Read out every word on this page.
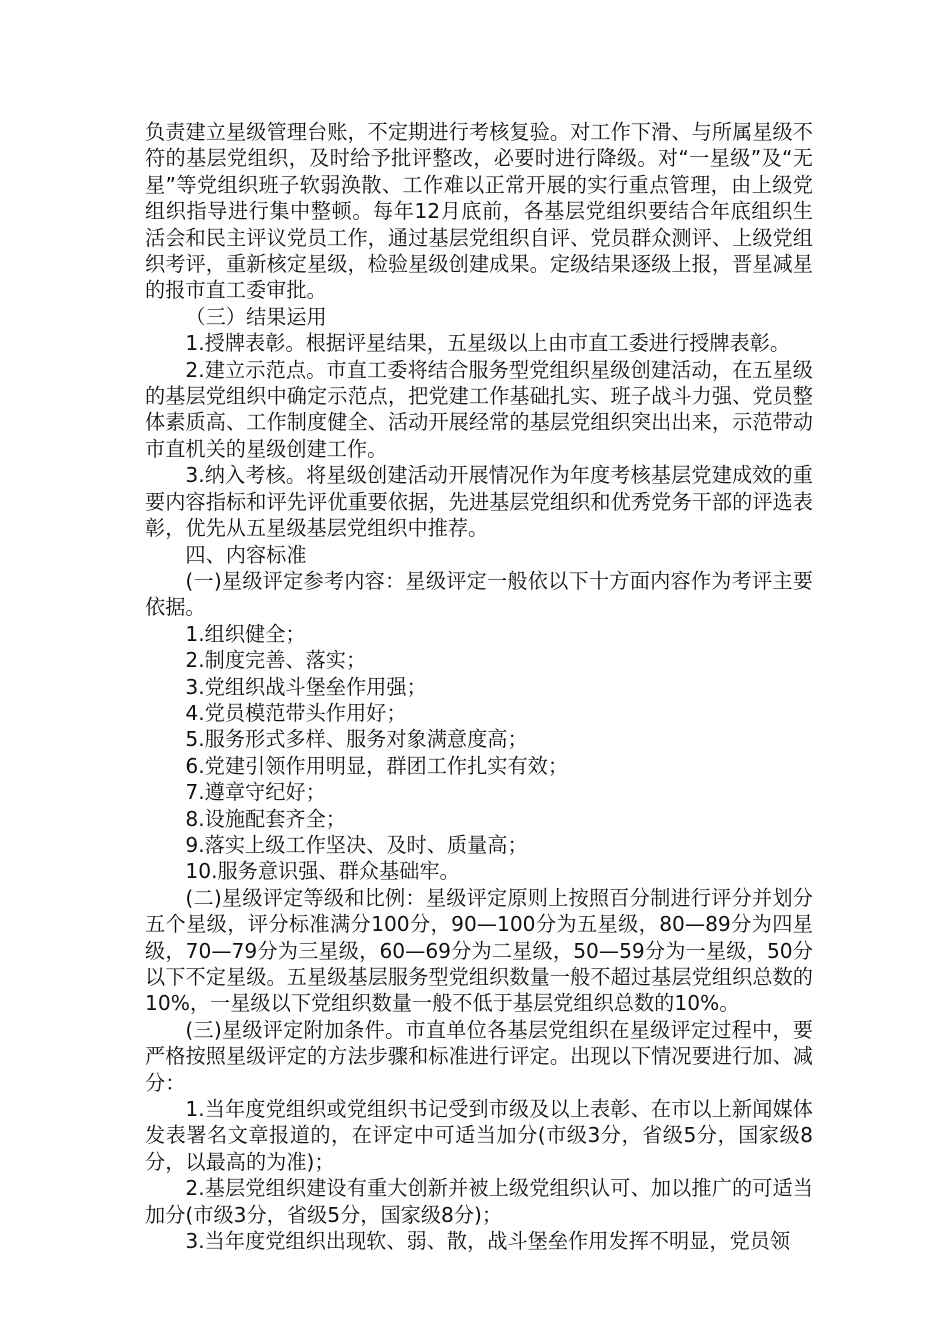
负责建立星级管理台账，不定期进行考核复验。对工作下滑、与所属星级不符的基层党组织，及时给予批评整改，必要时进行降级。对“一星级”及“无星”等党组织班子软弱涣散、工作难以正常开展的实行重点管理，由上级党组织指导进行集中整顿。每年12月底前，各基层党组织要结合年底组织生活会和民主评议党员工作，通过基层党组织自评、党员群众测评、上级党组织考评，重新核定星级，检验星级创建成果。定级结果逐级上报，晋星减星的报市直工委审批。

（三）结果运用

1.授牌表彰。根据评星结果，五星级以上由市直工委进行授牌表彰。

2.建立示范点。市直工委将结合服务型党组织星级创建活动，在五星级的基层党组织中确定示范点，把党建工作基础扎实、班子战斗力强、党员整体素质高、工作制度健全、活动开展经常的基层党组织突出出来，示范带动市直机关的星级创建工作。

3.纳入考核。将星级创建活动开展情况作为年度考核基层党建成效的重要内容指标和评先评优重要依据，先进基层党组织和优秀党务干部的评选表彰，优先从五星级基层党组织中推荐。

四、内容标准

(一)星级评定参考内容：星级评定一般依以下十方面内容作为考评主要依据。

1.组织健全；

2.制度完善、落实；

3.党组织战斗堡垒作用强；

4.党员模范带头作用好；

5.服务形式多样、服务对象满意度高；

6.党建引领作用明显，群团工作扎实有效；

7.遵章守纪好；

8.设施配套齐全；

9.落实上级工作坚决、及时、质量高；

10.服务意识强、群众基础牢。

(二)星级评定等级和比例：星级评定原则上按照百分制进行评分并划分五个星级，评分标准满分100分，90—100分为五星级，80—89分为四星级，70—79分为三星级，60—69分为二星级，50—59分为一星级，50分以下不定星级。五星级基层服务型党组织数量一般不超过基层党组织总数的10%，一星级以下党组织数量一般不低于基层党组织总数的10%。

(三)星级评定附加条件。市直单位各基层党组织在星级评定过程中，要严格按照星级评定的方法步骤和标准进行评定。出现以下情况要进行加、减分：

1.当年度党组织或党组织书记受到市级及以上表彰、在市以上新闻媒体发表署名文章报道的，在评定中可适当加分(市级3分，省级5分，国家级8分，以最高的为准)；

2.基层党组织建设有重大创新并被上级党组织认可、加以推广的可适当加分(市级3分，省级5分，国家级8分)；

3.当年度党组织出现软、弱、散，战斗堡垒作用发挥不明显，党员领
